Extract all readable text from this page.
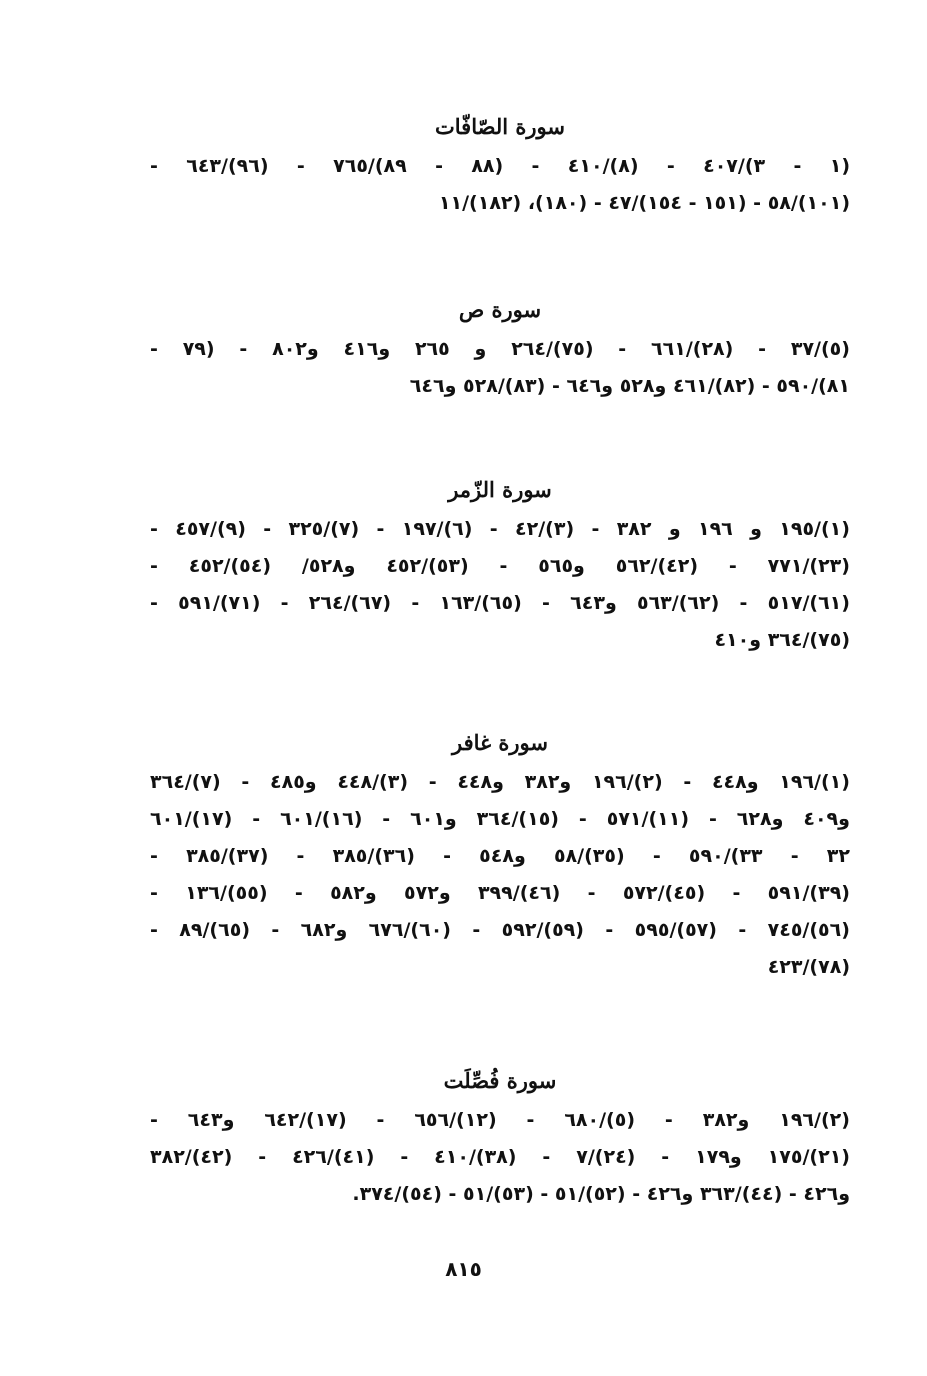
سورة الصّافّات
(١ - ٣)/٤٠٧ - (٨)/٤١٠ - (٨٨ - ٨٩)/٧٦٥ - (٩٦)/٦٤٣ -
(١٠١)/٥٨ - (١٥١ - ١٥٤)/٤٧ - (١٨٠)، (١٨٢)/١١
سورة ص
(٥)/٣٧ - (٢٨)/٦٦١ - (٧٥)/٢٦٤ و ٢٦٥ و٤١٦ و٨٠٢ - (٧٩ -
٨١)/٥٩٠ - (٨٢)/٤٦١ و٥٢٨ و٦٤٦ - (٨٣)/٥٢٨ و٦٤٦
سورة الزّمر
(١)/١٩٥ و ١٩٦ و ٣٨٢ - (٣)/٤٢ - (٦)/١٩٧ - (٧)/٣٢٥ - (٩)/٤٥٧ -
(٢٣)/٧٧١ - (٤٢)/٥٦٢ و٥٦٥ - (٥٣)/٤٥٢ و٥٢٨/ (٥٤)/٤٥٢ -
(٦١)/٥١٧ - (٦٢)/٥٦٣ و٦٤٣ - (٦٥)/١٦٣ - (٦٧)/٢٦٤ - (٧١)/٥٩١ -
(٧٥)/٣٦٤ و٤١٠
سورة غافر
(١)/١٩٦ و٤٤٨ - (٢)/١٩٦ و٣٨٢ و٤٤٨ - (٣)/٤٤٨ و٤٨٥ - (٧)/٣٦٤
و٤٠٩ و٦٢٨ - (١١)/٥٧١ - (١٥)/٣٦٤ و٦٠١ - (١٦)/٦٠١ - (١٧)/٦٠١
٣٢ - ٣٣)/٥٩٠ - (٣٥)/٥٨ و٥٤٨ - (٣٦)/٣٨٥ - (٣٧)/٣٨٥ -
(٣٩)/٥٩١ - (٤٥)/٥٧٢ - (٤٦)/٣٩٩ و٥٧٢ و٥٨٢ - (٥٥)/١٣٦ -
(٥٦)/٧٤٥ - (٥٧)/٥٩٥ - (٥٩)/٥٩٢ - (٦٠)/٦٧٦ و٦٨٢ - (٦٥)/٨٩ -
(٧٨)/٤٢٣
سورة فُصِّلَت
(٢)/١٩٦ و٣٨٢ - (٥)/٦٨٠ - (١٢)/٦٥٦ - (١٧)/٦٤٢ و٦٤٣ -
(٢١)/١٧٥ و١٧٩ - (٢٤)/٧ - (٣٨)/٤١٠ - (٤١)/٤٢٦ - (٤٢)/٣٨٢
و٤٢٦ - (٤٤)/٣٦٣ و٤٢٦ - (٥٢)/٥١ - (٥٣)/٥١ - (٥٤)/٣٧٤.
٨١٥
